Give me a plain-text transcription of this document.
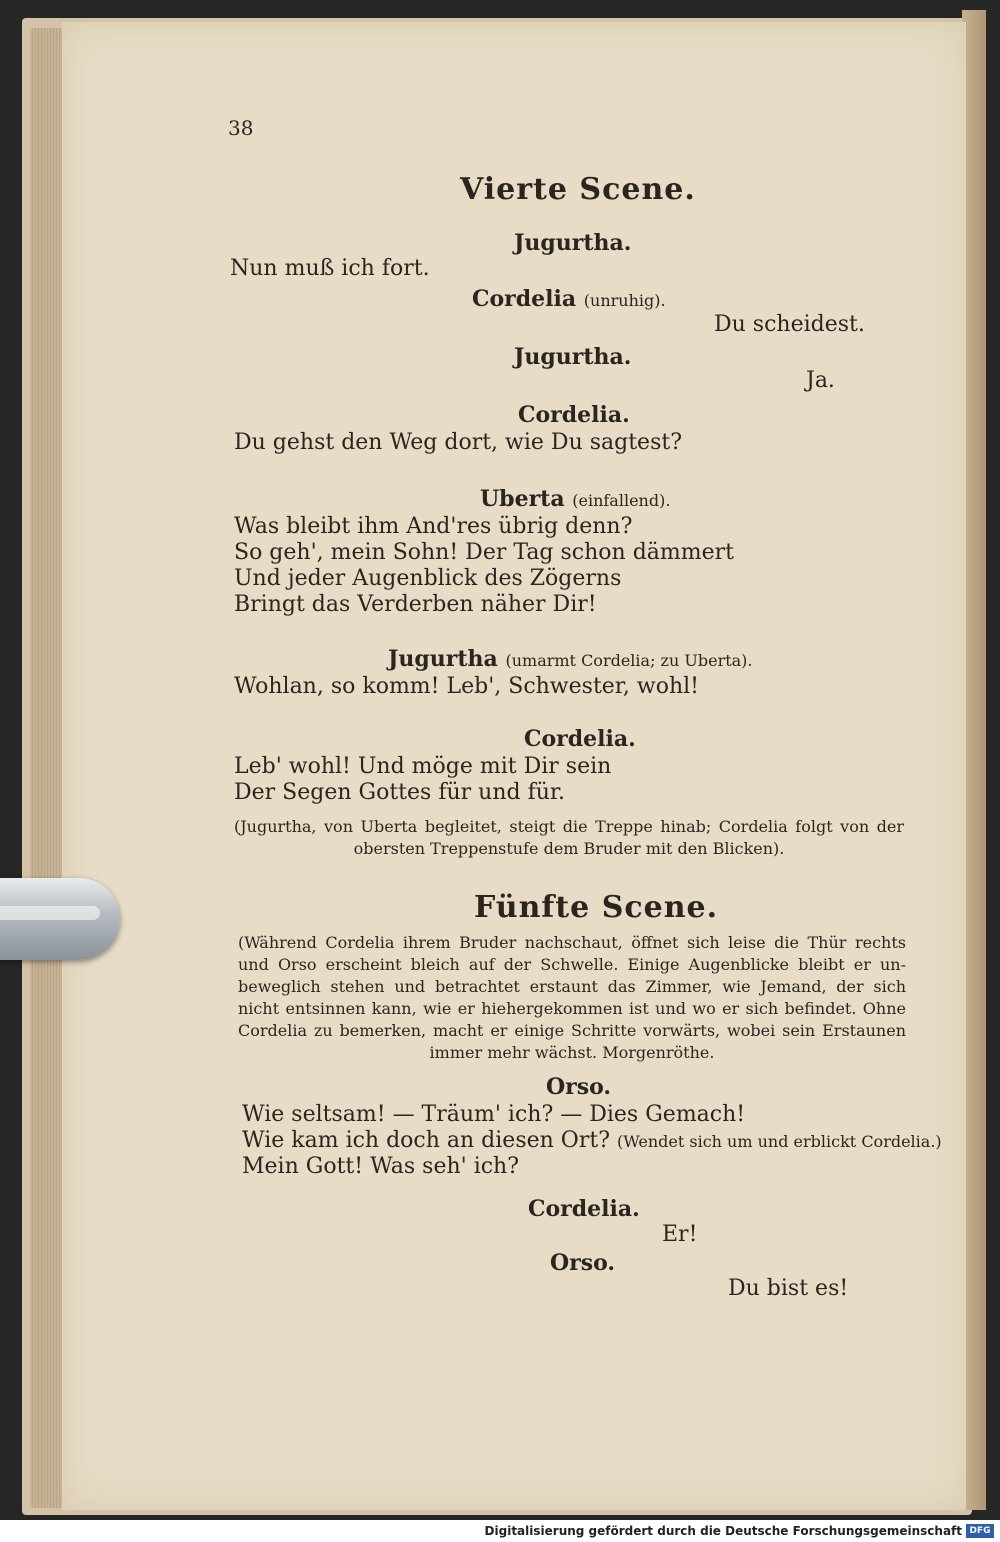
38
Vierte Scene.
Jugurtha.
Nun muß ich fort.
Cordelia (unruhig).
Du scheidest.
Jugurtha.
Ja.
Cordelia.
Du gehst den Weg dort, wie Du sagtest?
Uberta (einfallend).
Was bleibt ihm And'res übrig denn?
So geh', mein Sohn! Der Tag schon dämmert
Und jeder Augenblick des Zögerns
Bringt das Verderben näher Dir!
Jugurtha (umarmt Cordelia; zu Uberta).
Wohlan, so komm! Leb', Schwester, wohl!
Cordelia.
Leb' wohl! Und möge mit Dir sein
Der Segen Gottes für und für.
(Jugurtha, von Uberta begleitet, steigt die Treppe hinab; Cordelia folgt von der
obersten Treppenstufe dem Bruder mit den Blicken).
Fünfte Scene.
(Während Cordelia ihrem Bruder nachschaut, öffnet sich leise die Thür rechts
und Orso erscheint bleich auf der Schwelle. Einige Augenblicke bleibt er un-
beweglich stehen und betrachtet erstaunt das Zimmer, wie Jemand, der sich
nicht entsinnen kann, wie er hiehergekommen ist und wo er sich befindet. Ohne
Cordelia zu bemerken, macht er einige Schritte vorwärts, wobei sein Erstaunen
immer mehr wächst. Morgenröthe.
Orso.
Wie seltsam! — Träum' ich? — Dies Gemach!
Wie kam ich doch an diesen Ort? (Wendet sich um und erblickt Cordelia.)
Mein Gott! Was seh' ich?
Cordelia.
Er!
Orso.
Du bist es!
Digitalisierung gefördert durch die Deutsche Forschungsgemeinschaft DFG
